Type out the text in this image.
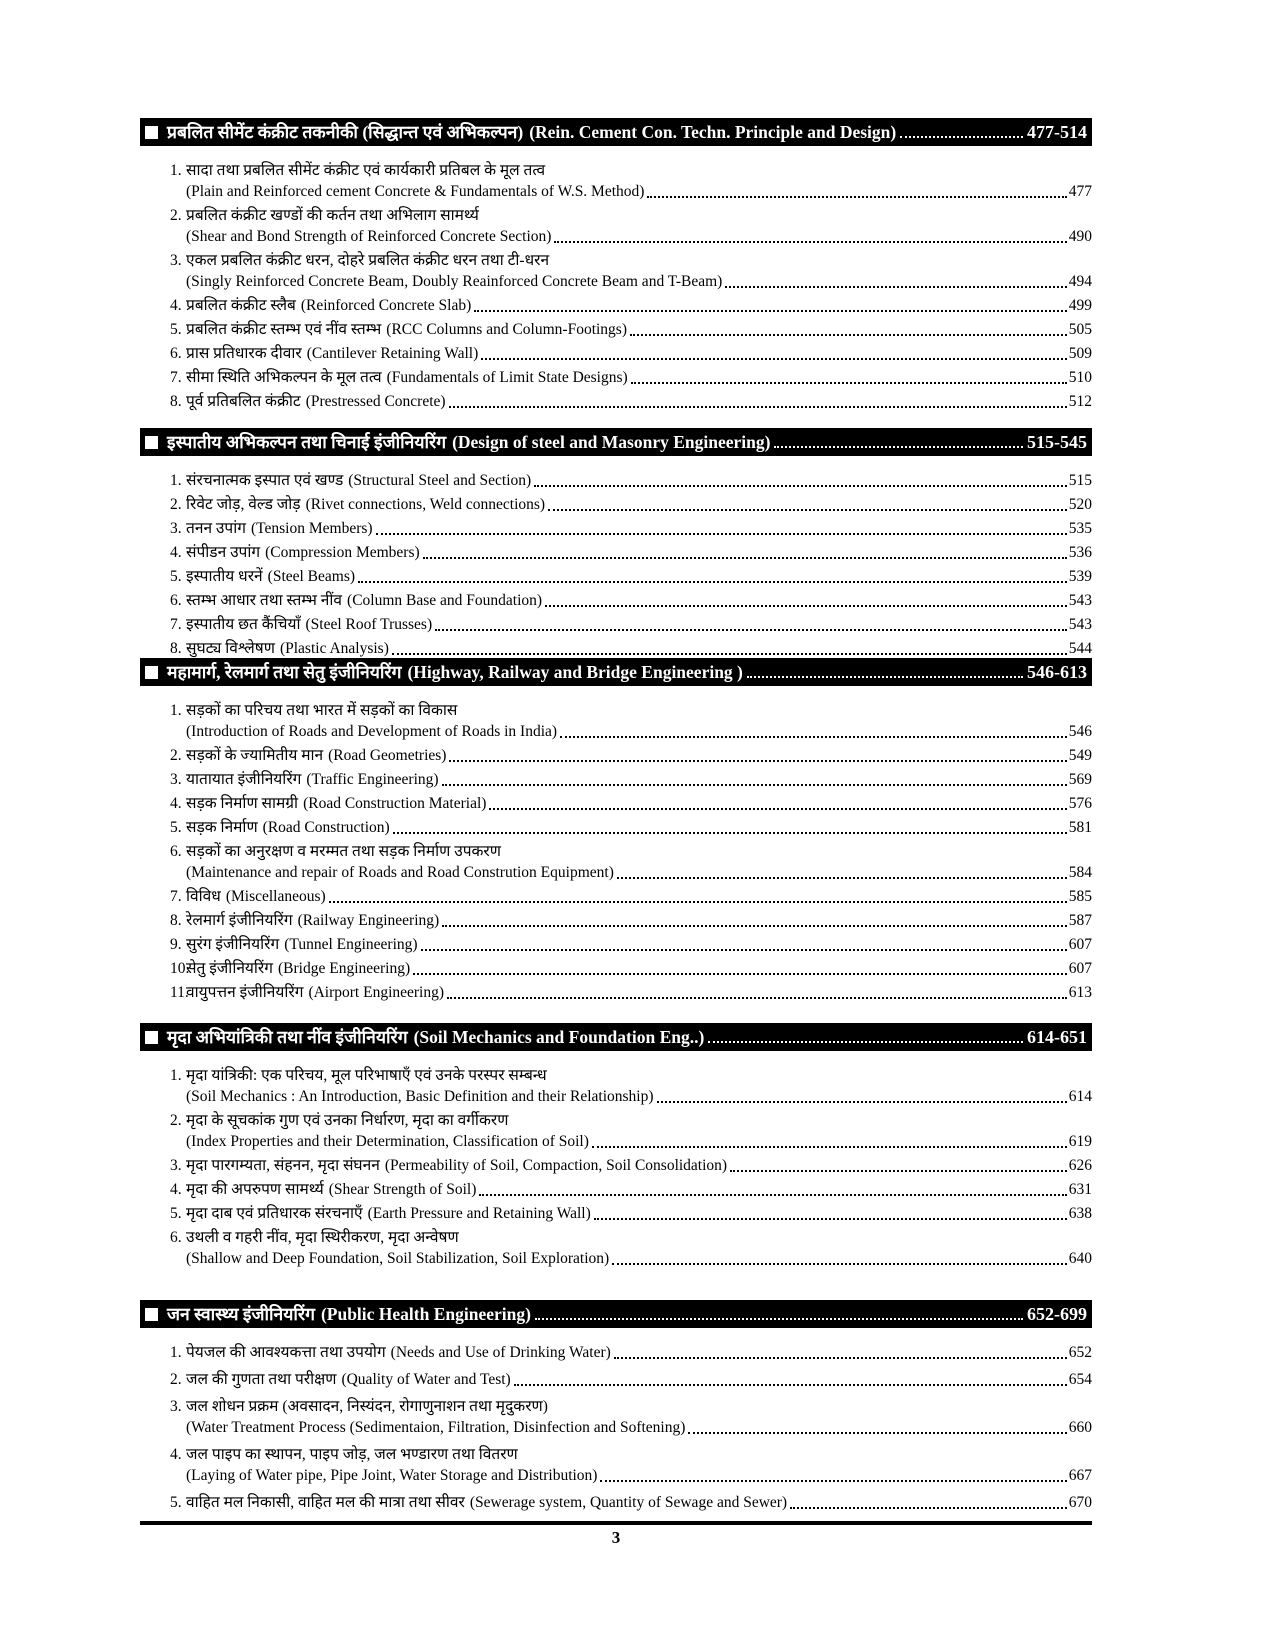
प्रबलित सीमेंट कंक्रीट तकनीकी (सिद्धान्त एवं अभिकल्पन) (Rein. Cement Con. Techn. Principle and Design)	477-514
1. सादा तथा प्रबलित सीमेंट कंक्रीट एवं कार्यकारी प्रतिबल के मूल तत्व
(Plain and Reinforced cement Concrete & Fundamentals of W.S. Method)	477
2. प्रबलित कंक्रीट खण्डों की कर्तन तथा अभिलाग सामर्थ्य
(Shear and Bond Strength of Reinforced Concrete Section)	490
3. एकल प्रबलित कंक्रीट धरन, दोहरे प्रबलित कंक्रीट धरन तथा टी-धरन
(Singly Reinforced Concrete Beam, Doubly Reainforced Concrete Beam and T-Beam)	494
4. प्रबलित कंक्रीट स्लैब (Reinforced Concrete Slab)	499
5. प्रबलित कंक्रीट स्तम्भ एवं नींव स्तम्भ (RCC Columns and Column-Footings)	505
6. प्रास प्रतिधारक दीवार (Cantilever Retaining Wall)	509
7. सीमा स्थिति अभिकल्पन के मूल तत्व (Fundamentals of Limit State Designs)	510
8. पूर्व प्रतिबलित कंक्रीट (Prestressed Concrete)	512
इस्पातीय अभिकल्पन तथा चिनाई इंजीनियरिंग (Design of steel and Masonry Engineering)	515-545
1. संरचनात्मक इस्पात एवं खण्ड (Structural Steel and Section)	515
2. रिवेट जोड़, वेल्ड जोड़ (Rivet connections, Weld connections)	520
3. तनन उपांग (Tension Members)	535
4. संपीडन उपांग (Compression Members)	536
5. इस्पातीय धरनें (Steel Beams)	539
6. स्तम्भ आधार तथा स्तम्भ नींव (Column Base and Foundation)	543
7. इस्पातीय छत कैंचियाँ (Steel Roof Trusses)	543
8. सुघट्य विश्लेषण (Plastic Analysis)	544
महामार्ग, रेलमार्ग तथा सेतु इंजीनियरिंग (Highway, Railway and Bridge Engineering )	546-613
1. सड़कों का परिचय तथा भारत में सड़कों का विकास
(Introduction of Roads and Development of Roads in India)	546
2. सड़कों के ज्यामितीय मान (Road Geometries)	549
3. यातायात इंजीनियरिंग (Traffic Engineering)	569
4. सड़क निर्माण सामग्री (Road Construction Material)	576
5. सड़क निर्माण (Road Construction)	581
6. सड़कों का अनुरक्षण व मरम्मत तथा सड़क निर्माण उपकरण
(Maintenance and repair of Roads and Road Constrution Equipment)	584
7. विविध (Miscellaneous)	585
8. रेलमार्ग इंजीनियरिंग (Railway Engineering)	587
9. सुरंग इंजीनियरिंग (Tunnel Engineering)	607
10.
सेतु इंजीनियरिंग (Bridge Engineering)	607
11.
वायुपत्तन इंजीनियरिंग (Airport Engineering)	613
मृदा अभियांत्रिकी तथा नींव इंजीनियरिंग (Soil Mechanics and Foundation Eng..)	614-651
1. मृदा यांत्रिकी: एक परिचय, मूल परिभाषाएँ एवं उनके परस्पर सम्बन्ध
(Soil Mechanics : An Introduction, Basic Definition and their Relationship)	614
2. मृदा के सूचकांक गुण एवं उनका निर्धारण, मृदा का वर्गीकरण
(Index Properties and their Determination, Classification of Soil)	619
3. मृदा पारगम्यता, संहनन, मृदा संघनन (Permeability of Soil, Compaction, Soil Consolidation)	626
4. मृदा की अपरुपण सामर्थ्य (Shear Strength of Soil)	631
5. मृदा दाब एवं प्रतिधारक संरचनाएँ (Earth Pressure and Retaining Wall)	638
6. उथली व गहरी नींव, मृदा स्थिरीकरण, मृदा अन्वेषण
(Shallow and Deep Foundation, Soil Stabilization, Soil Exploration)	640
जन स्वास्थ्य इंजीनियरिंग (Public Health Engineering)	652-699
1. पेयजल की आवश्यकत्ता तथा उपयोग (Needs and Use of Drinking Water)	652
2. जल की गुणता तथा परीक्षण (Quality of Water and Test)	654
3. जल शोधन प्रक्रम (अवसादन, निस्यंदन, रोगाणुनाशन तथा मृदुकरण)
(Water Treatment Process (Sedimentaion, Filtration, Disinfection and Softening)	660
4. जल पाइप का स्थापन, पाइप जोड़, जल भण्डारण तथा वितरण
(Laying of Water pipe, Pipe Joint, Water Storage and Distribution)	667
5. वाहित मल निकासी, वाहित मल की मात्रा तथा सीवर (Sewerage system, Quantity of Sewage and Sewer)	670
3
